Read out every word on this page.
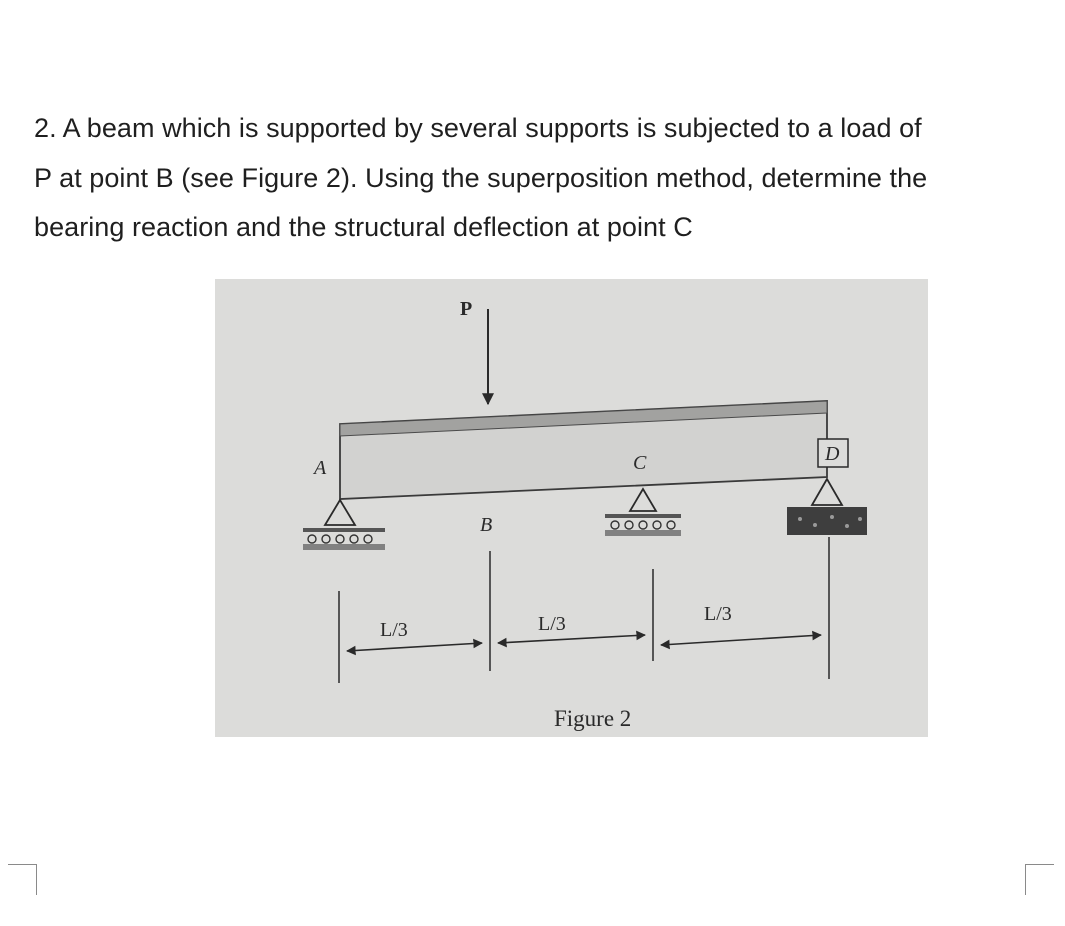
2. A beam which is supported by several supports is subjected to a load of
P at point B (see Figure 2). Using the superposition method, determine the
bearing reaction and the structural deflection at point C
P
A
B
C	D
L/3	L/3	L/3
Figure 2
